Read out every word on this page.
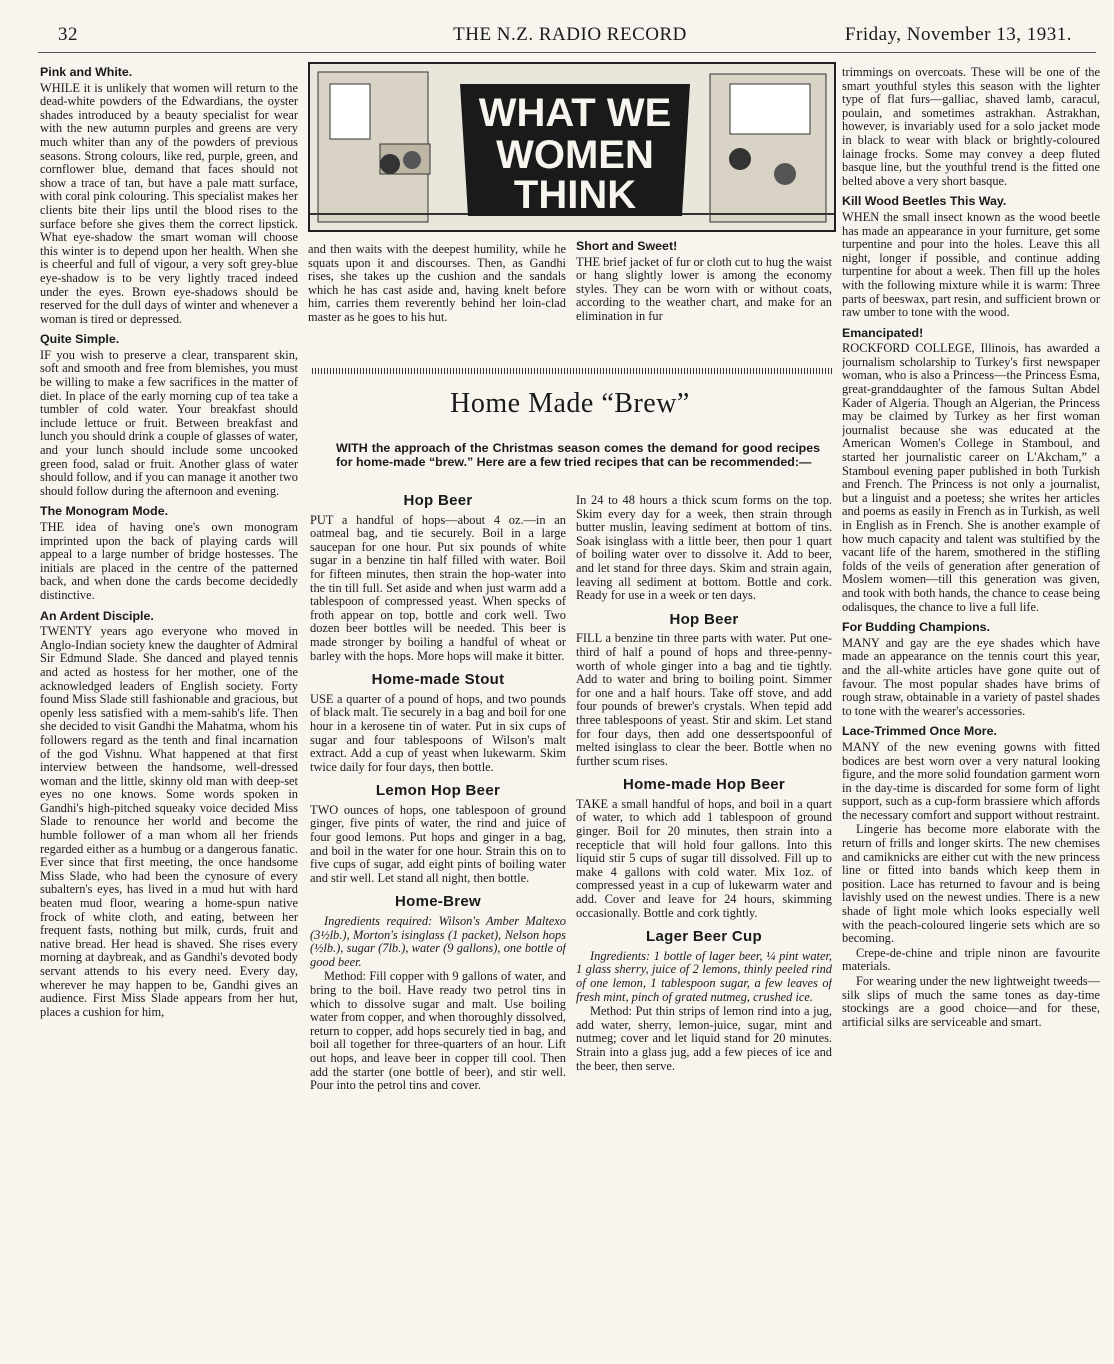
32	THE N.Z. RADIO RECORD	Friday, November 13, 1931.
WHAT WE
WOMEN
THINK
Pink and White.

WHILE it is unlikely that women will return to the dead-white powders of the Edwardians, the oyster shades introduced by a beauty specialist for wear with the new autumn purples and greens are very much whiter than any of the powders of previous seasons. Strong colours, like red, purple, green, and cornflower blue, demand that faces should not show a trace of tan, but have a pale matt surface, with coral pink colouring. This specialist makes her clients bite their lips until the blood rises to the surface before she gives them the correct lipstick. What eye-shadow the smart woman will choose this winter is to depend upon her health. When she is cheerful and full of vigour, a very soft grey-blue eye-shadow is to be very lightly traced indeed under the eyes. Brown eye-shadows should be reserved for the dull days of winter and whenever a woman is tired or depressed.

Quite Simple.

IF you wish to preserve a clear, transparent skin, soft and smooth and free from blemishes, you must be willing to make a few sacrifices in the matter of diet. In place of the early morning cup of tea take a tumbler of cold water. Your breakfast should include lettuce or fruit. Between breakfast and lunch you should drink a couple of glasses of water, and your lunch should include some uncooked green food, salad or fruit. Another glass of water should follow, and if you can manage it another two should follow during the afternoon and evening.

The Monogram Mode.

THE idea of having one's own monogram imprinted upon the back of playing cards will appeal to a large number of bridge hostesses. The initials are placed in the centre of the patterned back, and when done the cards become decidedly distinctive.

An Ardent Disciple.

TWENTY years ago everyone who moved in Anglo-Indian society knew the daughter of Admiral Sir Edmund Slade. She danced and played tennis and acted as hostess for her mother, one of the acknowledged leaders of English society. Forty found Miss Slade still fashionable and gracious, but openly less satisfied with a mem-sahib's life. Then she decided to visit Gandhi the Mahatma, whom his followers regard as the tenth and final incarnation of the god Vishnu. What happened at that first interview between the handsome, well-dressed woman and the little, skinny old man with deep-set eyes no one knows. Some words spoken in Gandhi's high-pitched squeaky voice decided Miss Slade to renounce her world and become the humble follower of a man whom all her friends regarded either as a humbug or a dangerous fanatic. Ever since that first meeting, the once handsome Miss Slade, who had been the cynosure of every subaltern's eyes, has lived in a mud hut with hard beaten mud floor, wearing a home-spun native frock of white cloth, and eating, between her frequent fasts, nothing but milk, curds, fruit and native bread. Her head is shaved. She rises every morning at daybreak, and as Gandhi's devoted body servant attends to his every need. Every day, wherever he may happen to be, Gandhi gives an audience. First Miss Slade appears from her hut, places a cushion for him,

and then waits with the deepest humility, while he squats upon it and discourses. Then, as Gandhi rises, she takes up the cushion and the sandals which he has cast aside and, having knelt before him, carries them reverently behind her loin-clad master as he goes to his hut.

Short and Sweet!

THE brief jacket of fur or cloth cut to hug the waist or hang slightly lower is among the economy styles. They can be worn with or without coats, according to the weather chart, and make for an elimination in fur

Home Made “Brew”
WITH the approach of the Christmas season comes the demand for good recipes for home-made “brew.” Here are a few tried recipes that can be recommended:—
Hop Beer

PUT a handful of hops—about 4 oz.—in an oatmeal bag, and tie securely. Boil in a large saucepan for one hour. Put six pounds of white sugar in a benzine tin half filled with water. Boil for fifteen minutes, then strain the hop-water into the tin till full. Set aside and when just warm add a tablespoon of compressed yeast. When specks of froth appear on top, bottle and cork well. Two dozen beer bottles will be needed. This beer is made stronger by boiling a handful of wheat or barley with the hops. More hops will make it bitter.

Home-made Stout

USE a quarter of a pound of hops, and two pounds of black malt. Tie securely in a bag and boil for one hour in a kerosene tin of water. Put in six cups of sugar and four tablespoons of Wilson's malt extract. Add a cup of yeast when lukewarm. Skim twice daily for four days, then bottle.

Lemon Hop Beer

TWO ounces of hops, one tablespoon of ground ginger, five pints of water, the rind and juice of four good lemons. Put hops and ginger in a bag, and boil in the water for one hour. Strain this on to five cups of sugar, add eight pints of boiling water and stir well. Let stand all night, then bottle.

Home-Brew

Ingredients required: Wilson's Amber Maltexo (3½lb.), Morton's isinglass (1 packet), Nelson hops (½lb.), sugar (7lb.), water (9 gallons), one bottle of good beer.

Method: Fill copper with 9 gallons of water, and bring to the boil. Have ready two petrol tins in which to dissolve sugar and malt. Use boiling water from copper, and when thoroughly dissolved, return to copper, add hops securely tied in bag, and boil all together for three-quarters of an hour. Lift out hops, and leave beer in copper till cool. Then add the starter (one bottle of beer), and stir well. Pour into the petrol tins and cover.

In 24 to 48 hours a thick scum forms on the top. Skim every day for a week, then strain through butter muslin, leaving sediment at bottom of tins. Soak isinglass with a little beer, then pour 1 quart of boiling water over to dissolve it. Add to beer, and let stand for three days. Skim and strain again, leaving all sediment at bottom. Bottle and cork. Ready for use in a week or ten days.

Hop Beer

FILL a benzine tin three parts with water. Put one-third of half a pound of hops and three-penny-worth of whole ginger into a bag and tie tightly. Add to water and bring to boiling point. Simmer for one and a half hours. Take off stove, and add four pounds of brewer's crystals. When tepid add three tablespoons of yeast. Stir and skim. Let stand for four days, then add one dessertspoonful of melted isinglass to clear the beer. Bottle when no further scum rises.

Home-made Hop Beer

TAKE a small handful of hops, and boil in a quart of water, to which add 1 tablespoon of ground ginger. Boil for 20 minutes, then strain into a recepticle that will hold four gallons. Into this liquid stir 5 cups of sugar till dissolved. Fill up to make 4 gallons with cold water. Mix 1oz. of compressed yeast in a cup of lukewarm water and add. Cover and leave for 24 hours, skimming occasionally. Bottle and cork tightly.

Lager Beer Cup

Ingredients: 1 bottle of lager beer, ¼ pint water, 1 glass sherry, juice of 2 lemons, thinly peeled rind of one lemon, 1 tablespoon sugar, a few leaves of fresh mint, pinch of grated nutmeg, crushed ice.

Method: Put thin strips of lemon rind into a jug, add water, sherry, lemon-juice, sugar, mint and nutmeg; cover and let liquid stand for 20 minutes. Strain into a glass jug, add a few pieces of ice and the beer, then serve.

trimmings on overcoats. These will be one of the smart youthful styles this season with the lighter type of flat furs—galliac, shaved lamb, caracul, poulain, and sometimes astrakhan. Astrakhan, however, is invariably used for a solo jacket mode in black to wear with black or brightly-coloured lainage frocks. Some may convey a deep fluted basque line, but the youthful trend is the fitted one belted above a very short basque.

Kill Wood Beetles This Way.

WHEN the small insect known as the wood beetle has made an appearance in your furniture, get some turpentine and pour into the holes. Leave this all night, longer if possible, and continue adding turpentine for about a week. Then fill up the holes with the following mixture while it is warm: Three parts of beeswax, part resin, and sufficient brown or raw umber to tone with the wood.

Emancipated!

ROCKFORD COLLEGE, Illinois, has awarded a journalism scholarship to Turkey's first newspaper woman, who is also a Princess—the Princess Esma, great-granddaughter of the famous Sultan Abdel Kader of Algeria. Though an Algerian, the Princess may be claimed by Turkey as her first woman journalist because she was educated at the American Women's College in Stamboul, and started her journalistic career on L'Akcham,” a Stamboul evening paper published in both Turkish and French. The Princess is not only a journalist, but a linguist and a poetess; she writes her articles and poems as easily in French as in Turkish, as well in English as in French. She is another example of how much capacity and talent was stultified by the vacant life of the harem, smothered in the stifling folds of the veils of generation after generation of Moslem women—till this generation was given, and took with both hands, the chance to cease being odalisques, the chance to live a full life.

For Budding Champions.

MANY and gay are the eye shades which have made an appearance on the tennis court this year, and the all-white articles have gone quite out of favour. The most popular shades have brims of rough straw, obtainable in a variety of pastel shades to tone with the wearer's accessories.

Lace-Trimmed Once More.

MANY of the new evening gowns with fitted bodices are best worn over a very natural looking figure, and the more solid foundation garment worn in the day-time is discarded for some form of light support, such as a cup-form brassiere which affords the necessary comfort and support without restraint.

Lingerie has become more elaborate with the return of frills and longer skirts. The new chemises and camiknicks are either cut with the new princess line or fitted into bands which keep them in position. Lace has returned to favour and is being lavishly used on the newest undies. There is a new shade of light mole which looks especially well with the peach-coloured lingerie sets which are so becoming.

Crepe-de-chine and triple ninon are favourite materials.

For wearing under the new lightweight tweeds—silk slips of much the same tones as day-time stockings are a good choice—and for these, artificial silks are serviceable and smart.
